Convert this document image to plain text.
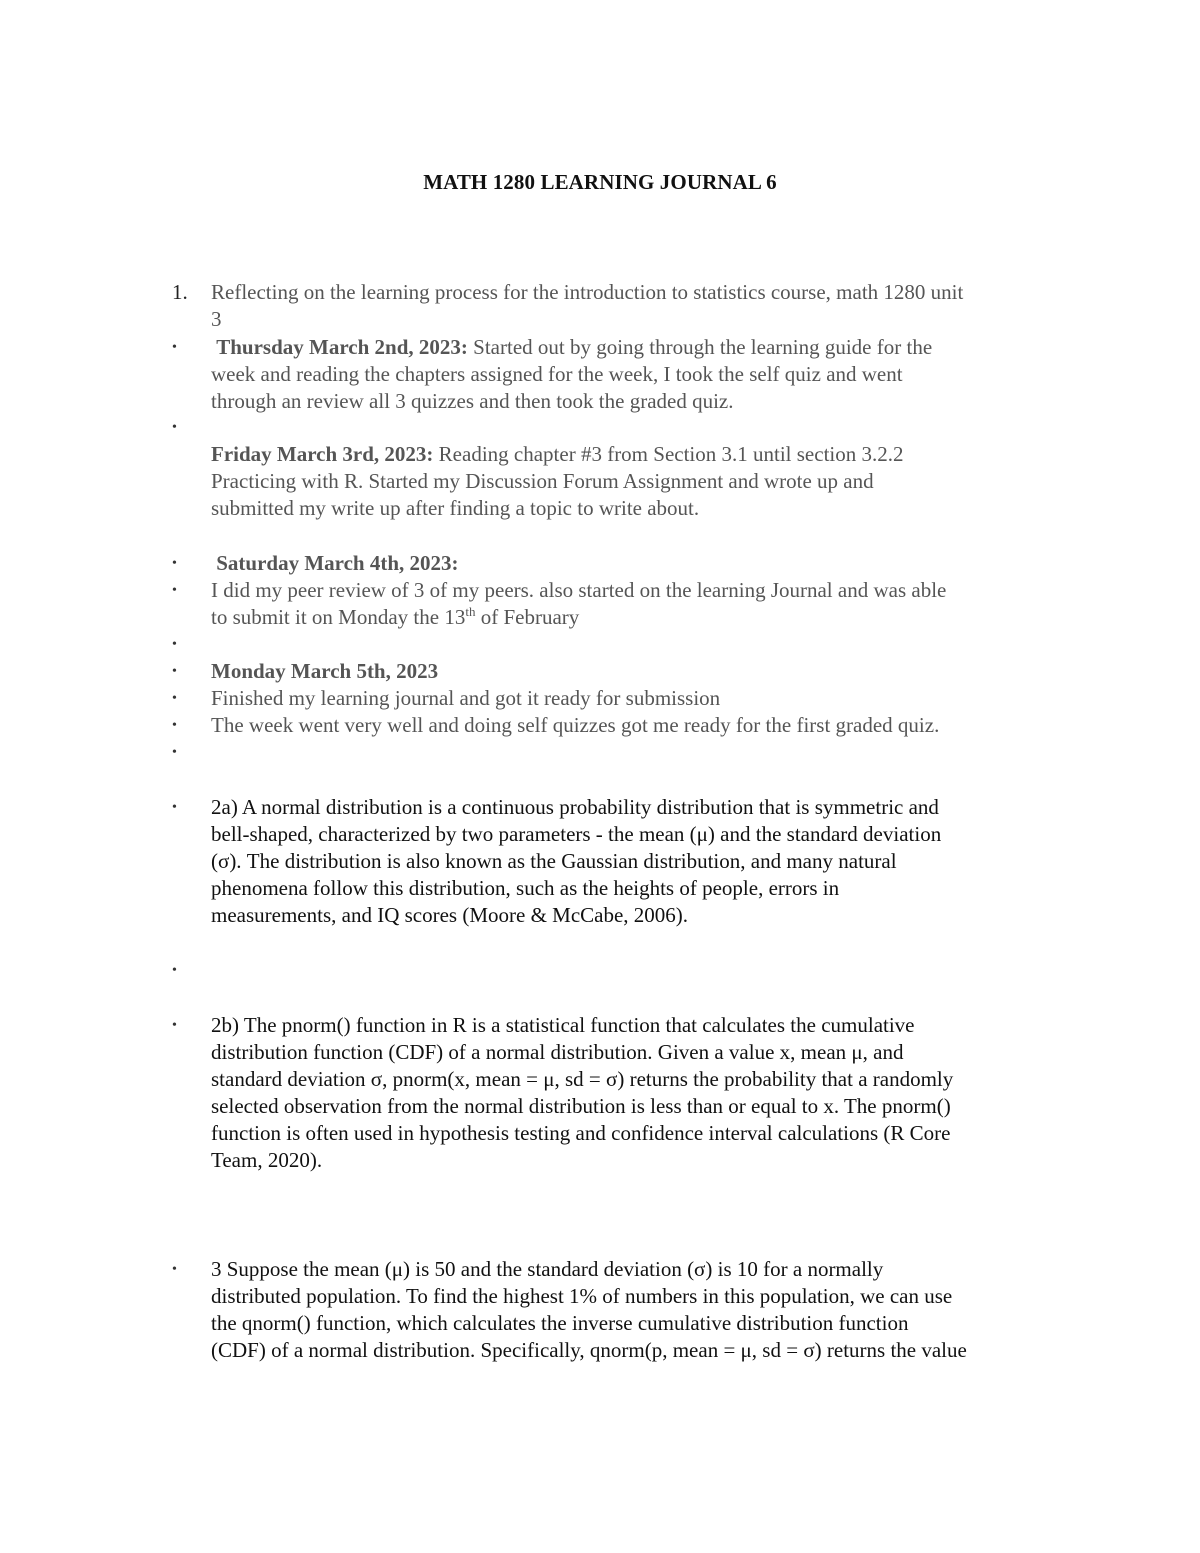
MATH 1280 LEARNING JOURNAL 6
1.	Reflecting on the learning process for the introduction to statistics course, math 1280 unit
3
• Thursday March 2nd, 2023: Started out by going through the learning guide for the
week and reading the chapters assigned for the week, I took the self quiz and went
through an review all 3 quizzes and then took the graded quiz.
•
Friday March 3rd, 2023: Reading chapter #3 from Section 3.1 until section 3.2.2
Practicing with R. Started my Discussion Forum Assignment and wrote up and
submitted my write up after finding a topic to write about.
• Saturday March 4th, 2023:
• I did my peer review of 3 of my peers. also started on the learning Journal and was able
to submit it on Monday the 13th of February
•
• Monday March 5th, 2023
• Finished my learning journal and got it ready for submission
• The week went very well and doing self quizzes got me ready for the first graded quiz.
•
• 2a) A normal distribution is a continuous probability distribution that is symmetric and
bell-shaped, characterized by two parameters - the mean (μ) and the standard deviation
(σ). The distribution is also known as the Gaussian distribution, and many natural
phenomena follow this distribution, such as the heights of people, errors in
measurements, and IQ scores (Moore & McCabe, 2006).
•
• 2b) The pnorm() function in R is a statistical function that calculates the cumulative
distribution function (CDF) of a normal distribution. Given a value x, mean μ, and
standard deviation σ, pnorm(x, mean = μ, sd = σ) returns the probability that a randomly
selected observation from the normal distribution is less than or equal to x. The pnorm()
function is often used in hypothesis testing and confidence interval calculations (R Core
Team, 2020).
• 3 Suppose the mean (μ) is 50 and the standard deviation (σ) is 10 for a normally
distributed population. To find the highest 1% of numbers in this population, we can use
the qnorm() function, which calculates the inverse cumulative distribution function
(CDF) of a normal distribution. Specifically, qnorm(p, mean = μ, sd = σ) returns the value
